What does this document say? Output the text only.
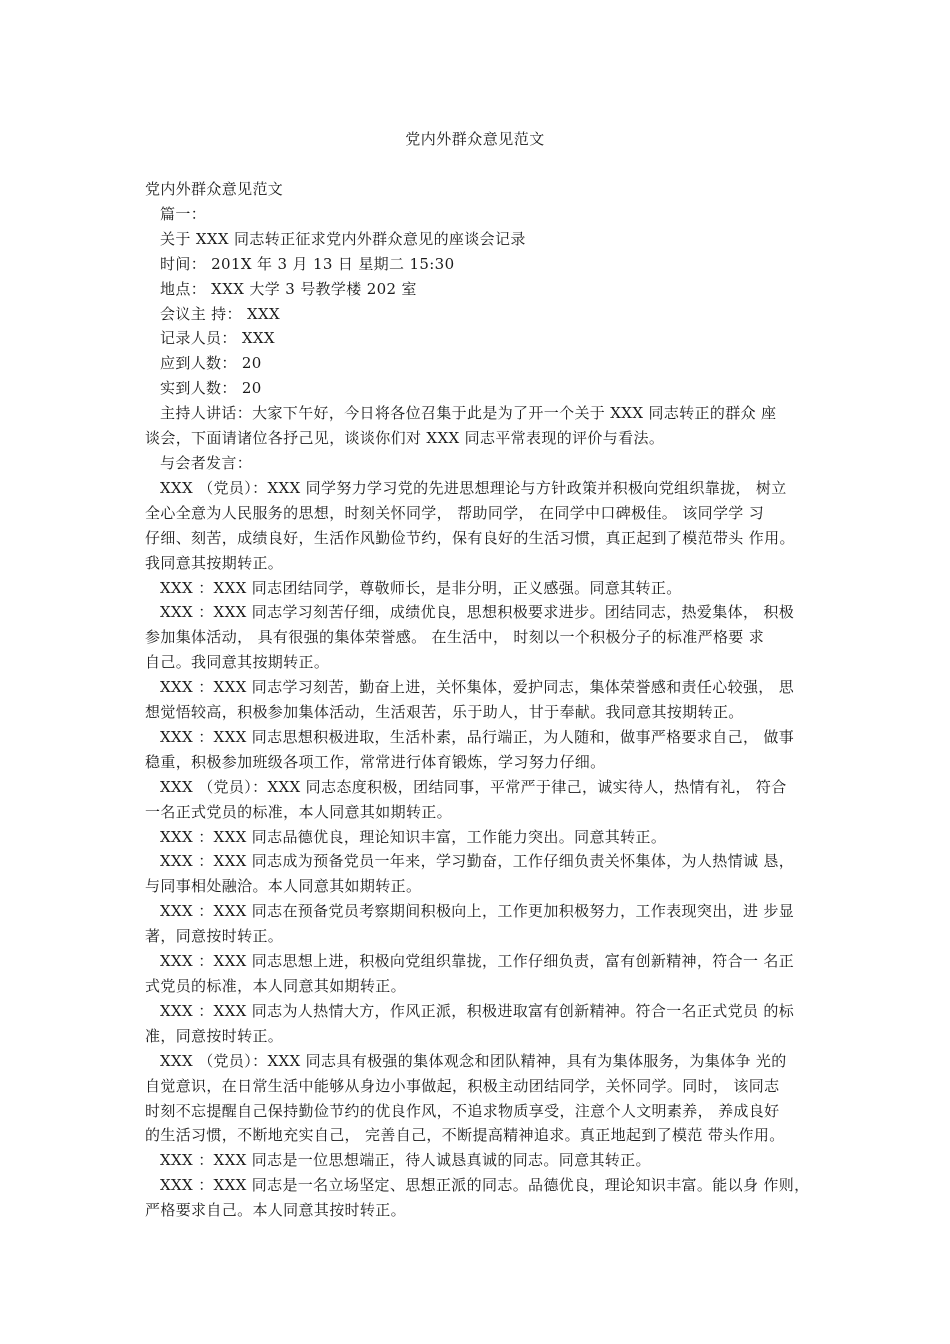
党内外群众意见范文
党内外群众意见范文
篇一：
关于 XXX 同志转正征求党内外群众意见的座谈会记录
时间： 201X 年 3 月 13 日 星期二 15:30
地点： XXX 大学 3 号教学楼 202 室
会议主 持： XXX
记录人员： XXX
应到人数： 20
实到人数： 20
主持人讲话：大家下午好，今日将各位召集于此是为了开一个关于 XXX 同志转正的群众 座
谈会，下面请诸位各抒己见，谈谈你们对 XXX 同志平常表现的评价与看法。
与会者发言：
XXX （党员）：XXX 同学努力学习党的先进思想理论与方针政策并积极向党组织靠拢， 树立
全心全意为人民服务的思想，时刻关怀同学， 帮助同学， 在同学中口碑极佳。 该同学学 习
仔细、刻苦，成绩良好，生活作风勤俭节约，保有良好的生活习惯，真正起到了模范带头 作用。
我同意其按期转正。
XXX ：XXX 同志团结同学，尊敬师长，是非分明，正义感强。同意其转正。
XXX ：XXX 同志学习刻苦仔细，成绩优良，思想积极要求进步。团结同志，热爱集体， 积极
参加集体活动， 具有很强的集体荣誉感。 在生活中， 时刻以一个积极分子的标准严格要 求
自己。我同意其按期转正。
XXX ：XXX 同志学习刻苦，勤奋上进，关怀集体，爱护同志，集体荣誉感和责任心较强， 思
想觉悟较高，积极参加集体活动，生活艰苦，乐于助人，甘于奉献。我同意其按期转正。
XXX ：XXX 同志思想积极进取，生活朴素，品行端正，为人随和，做事严格要求自己， 做事
稳重，积极参加班级各项工作，常常进行体育锻炼，学习努力仔细。
XXX （党员）：XXX 同志态度积极，团结同事，平常严于律己，诚实待人，热情有礼， 符合
一名正式党员的标准，本人同意其如期转正。
XXX ：XXX 同志品德优良，理论知识丰富，工作能力突出。同意其转正。
XXX ：XXX 同志成为预备党员一年来，学习勤奋，工作仔细负责关怀集体，为人热情诚 恳，
与同事相处融洽。本人同意其如期转正。
XXX ：XXX 同志在预备党员考察期间积极向上，工作更加积极努力，工作表现突出，进 步显
著，同意按时转正。
XXX ：XXX 同志思想上进，积极向党组织靠拢，工作仔细负责，富有创新精神，符合一 名正
式党员的标准，本人同意其如期转正。
XXX ：XXX 同志为人热情大方，作风正派，积极进取富有创新精神。符合一名正式党员 的标
准，同意按时转正。
XXX （党员）：XXX 同志具有极强的集体观念和团队精神，具有为集体服务，为集体争 光的
自觉意识，在日常生活中能够从身边小事做起，积极主动团结同学，关怀同学。同时， 该同志
时刻不忘提醒自己保持勤俭节约的优良作风，不追求物质享受，注意个人文明素养， 养成良好
的生活习惯，不断地充实自己， 完善自己，不断提高精神追求。真正地起到了模范 带头作用。
XXX ：XXX 同志是一位思想端正，待人诚恳真诚的同志。同意其转正。
XXX ：XXX 同志是一名立场坚定、思想正派的同志。品德优良，理论知识丰富。能以身 作则，
严格要求自己。本人同意其按时转正。
